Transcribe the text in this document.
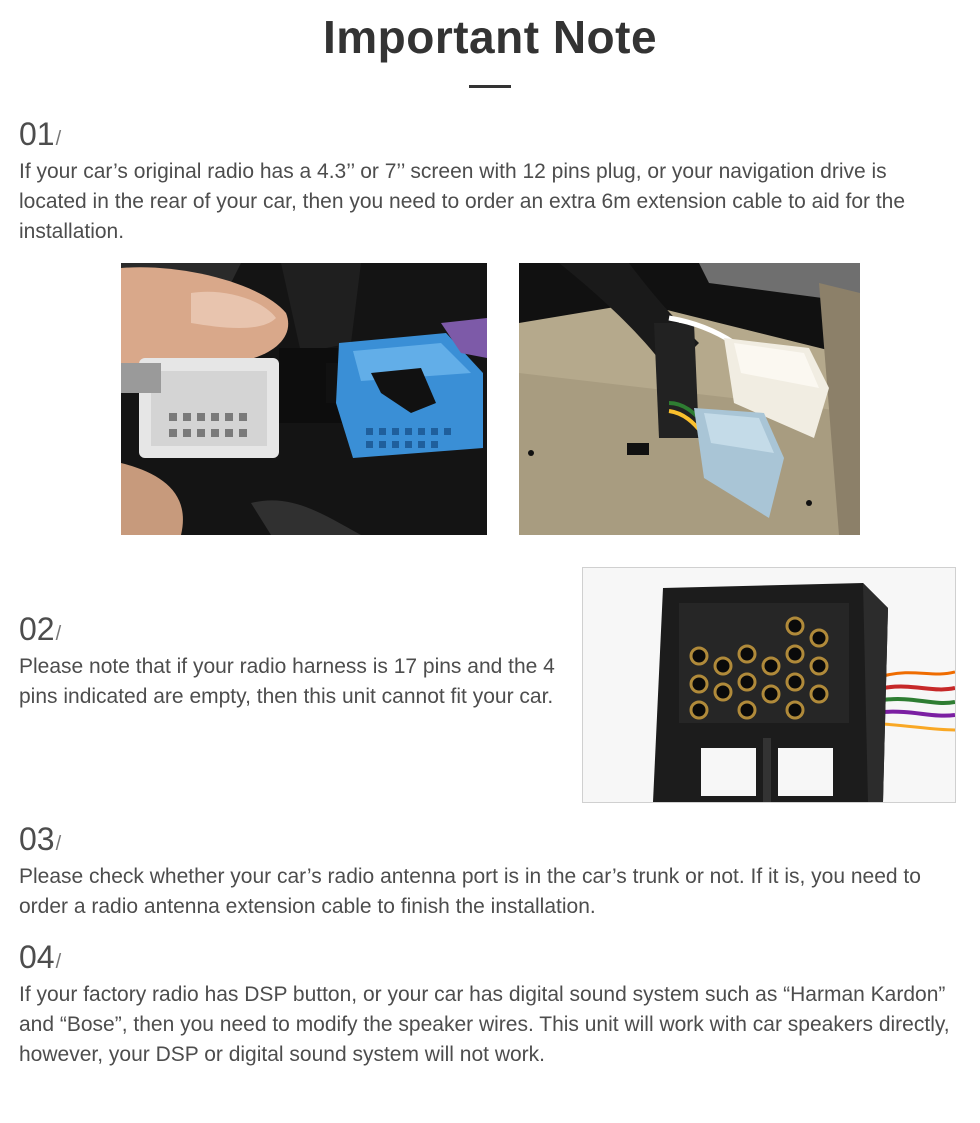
Important Note
01/
If your car’s original radio has a 4.3’’ or 7’’ screen with 12 pins plug, or your navigation drive is located in the rear of your car, then you need to order an extra 6m extension cable to aid for the installation.
02/
Please note that if your radio harness is 17 pins and the 4 pins indicated are empty, then this unit cannot fit your car.
03/
Please check whether your car’s radio antenna port is in the car’s trunk or not. If it is, you need to order a radio antenna extension cable to finish the installation.
04/
If your factory radio has DSP button, or your car has digital sound system such as “Harman Kardon” and “Bose”, then you need to modify the speaker wires. This unit will work with car speakers directly, however, your DSP or digital sound system will not work.
